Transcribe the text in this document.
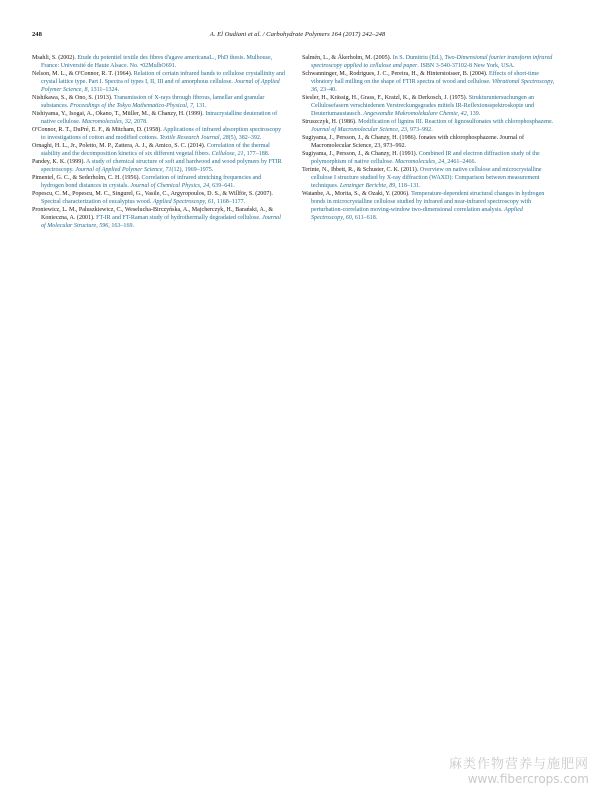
248	A. El Oudiani et al. / Carbohydrate Polymers 164 (2017) 242–248
Msahli, S. (2002). Etude du potentiel textile des fibres d'agave americanaL., PhD thesis. Mulhouse, France: Université de Haute Alsace. No. •02MulhO691.
Nelson, M. L., & O'Connor, R. T. (1964). Relation of certain infrared bands to cellulose crystallinity and crystal lattice type. Part I. Spectra of types I, II, III and of amorphous cellulose. Journal of Applied Polymer Science, 8, 1311–1324.
Nishikawa, S., & Ono, S. (1913). Transmission of X-rays through fibrous, lamellar and granular substances. Proceedings of the Tokyo Mathematico-Physical, 7, 131.
Nishiyama, Y., Isogai, A., Okano, T., Müller, M., & Chanzy, H. (1999). Intracrystalline deuteration of native cellulose. Macromolecules, 32, 2078.
O'Connor, R. T., DuPré, E. F., & Mitcham, D. (1958). Applications of infrared absorption spectroscopy to investigations of cotton and modified cottons. Textile Research Journal, 28(5), 382–392.
Ornaghi, H. L., Jr., Poletto, M. P., Zattera, A. J., & Amico, S. C. (2014). Correlation of the thermal stability and the decomposition kinetics of six different vegetal fibers. Cellulose, 21, 177–188.
Pandey, K. K. (1999). A study of chemical structure of soft and hardwood and wood polymers by FTIR spectroscopy. Journal of Applied Polymer Science, 71(12), 1969–1975.
Pimentel, G. C., & Sederholm, C. H. (1956). Correlation of infrared stretching frequencies and hydrogen bond distances in crystals. Journal of Chemical Physics, 24, 639–641.
Popescu, C. M., Popescu, M. C., Singurel, G., Vasile, C., Argyropoulos, D. S., & Willför, S. (2007). Spectral characterization of eucalyptus wood. Applied Spectroscopy, 61, 1168–1177.
Proniewicz, L. M., Paluszkiewicz, C., Weselucha-Birczyńska, A., Majcherczyk, H., Barański, A., & Konieczna, A. (2001). FT-IR and FT-Raman study of hydrothermally degradated cellulose. Journal of Molecular Structure, 596, 163–169.
Salmén, L., & Åkerholm, M. (2005). In S. Dumitriu (Ed.), Two-Dimensional fourier transform infrared spectroscopy applied to cellulose and paper. ISBN 3-540-37102-8 New York, USA.
Schwanninger, M., Rodrigues, J. C., Pereira, H., & Hinterstoisser, B. (2004). Effects of short-time vibratory ball milling on the shape of FTIR spectra of wood and cellulose. Vibrational Spectroscopy, 36, 23–40.
Siesler, H., Krässig, H., Grass, F., Kratzl, K., & Derkosch, J. (1975). Strukturuntersuchungen an Cellulosefasern verschiedenen Verstreckungsgrades mittels IR-Reflexionsspektroskopie und Deuteriumaustausch. Angewandte Makromolekulare Chemie, 42, 139.
Struszczyk, H. (1986). Modification of lignins III. Reaction of lignosulfonates with chlorophosphazene. Journal of Macromolecular Science, 23, 973–992.
Sugiyama, J., Persson, J., & Chanzy, H. (1986). fonates with chlorophosphazene. Journal of Macromolecular Science, 23, 973–992.
Sugiyama, J., Persson, J., & Chanzy, H. (1991). Combined IR and electron diffraction study of the polymorphism of native cellulose. Macromolecules, 24, 2461–2466.
Terinte, N., Ibbett, R., & Schuster, C. K. (2011). Overview on native cellulose and microcrystalline cellulose I structure studied by X-ray diffraction (WAXD): Comparison between measurement techniques. Lenzinger Berichte, 89, 118–131.
Watanbe, A., Morita, S., & Ozaki, Y. (2006). Temperature-dependent structural changes in hydrogen bonds in microcrystalline cellulose studied by infrared and near-infrared spectroscopy with perturbation-correlation moving-window two-dimensional correlation analysis. Applied Spectroscopy, 60, 611–618.
麻类作物营养与施肥网
www.fibercrops.com
